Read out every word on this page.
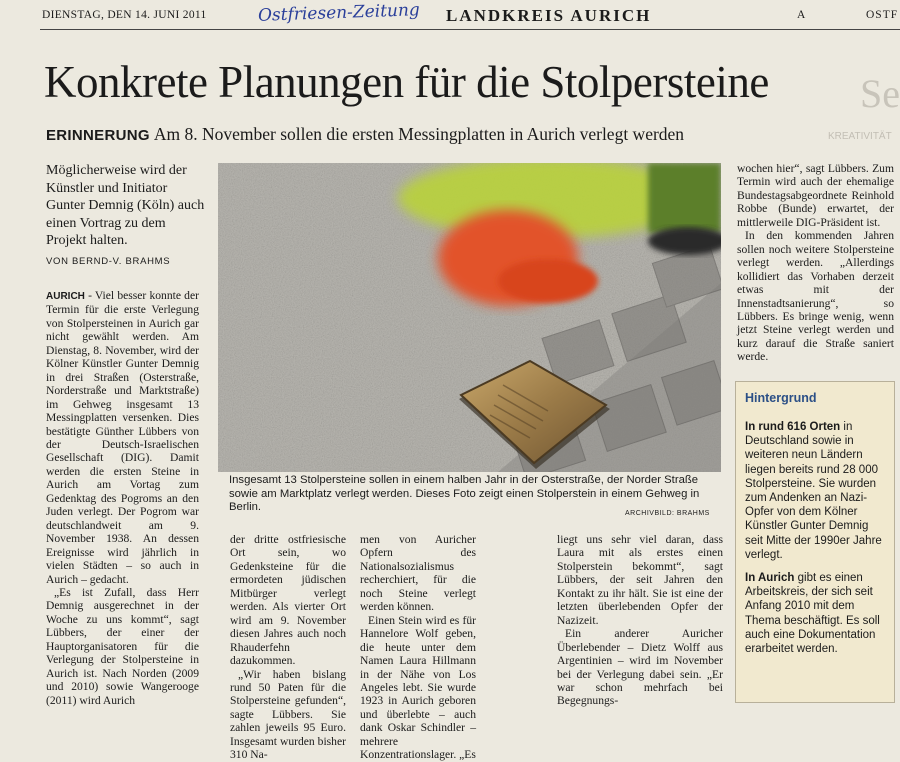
DIENSTAG, DEN 14. JUNI 2011	Ostfriesen-Zeitung LANDKREIS AURICH	A	OSTF
Se
KREATIVITÄT
Konkrete Planungen für die Stolpersteine
ERINNERUNG Am 8. November sollen die ersten Messingplatten in Aurich verlegt werden
Möglicherweise wird der Künstler und Initiator Gunter Demnig (Köln) auch einen Vortrag zu dem Projekt halten.
VON BERND-V. BRAHMS

AURICH - Viel besser konnte der Termin für die erste Verlegung von Stolpersteinen in Aurich gar nicht gewählt werden. Am Dienstag, 8. November, wird der Kölner Künstler Gunter Demnig in drei Straßen (Osterstraße, Norderstraße und Marktstraße) im Gehweg insgesamt 13 Messingplatten versenken. Dies bestätigte Günther Lübbers von der Deutsch-Israelischen Gesellschaft (DIG). Damit werden die ersten Steine in Aurich am Vortag zum Gedenktag des Pogroms an den Juden verlegt. Der Pogrom war deutschlandweit am 9. November 1938. An dessen Ereignisse wird jährlich in vielen Städten – so auch in Aurich – gedacht.

„Es ist Zufall, dass Herr Demnig ausgerechnet in der Woche zu uns kommt“, sagt Lübbers, der einer der Hauptorganisatoren für die Verlegung der Stolpersteine in Aurich ist. Nach Norden (2009 und 2010) sowie Wangerooge (2011) wird Aurich

Insgesamt 13 Stolpersteine sollen in einem halben Jahr in der Osterstraße, der Norder Straße sowie am Marktplatz verlegt werden. Dieses Foto zeigt einen Stolperstein in einem Gehweg in Berlin.
ARCHIVBILD: BRAHMS

der dritte ostfriesische Ort sein, wo Gedenksteine für die ermordeten jüdischen Mitbürger verlegt werden. Als vierter Ort wird am 9. November diesen Jahres auch noch Rhauderfehn dazukommen.

„Wir haben bislang rund 50 Paten für die Stolpersteine gefunden“, sagte Lübbers. Sie zahlen jeweils 95 Euro. Insgesamt wurden bisher 310 Na-

men von Auricher Opfern des Nationalsozialismus recherchiert, für die noch Steine verlegt werden können.

Einen Stein wird es für Hannelore Wolf geben, die heute unter dem Namen Laura Hillmann in der Nähe von Los Angeles lebt. Sie wurde 1923 in Aurich geboren und überlebte – auch dank Oskar Schindler – mehrere Konzentrationslager. „Es

liegt uns sehr viel daran, dass Laura mit als erstes einen Stolperstein bekommt“, sagt Lübbers, der seit Jahren den Kontakt zu ihr hält. Sie ist eine der letzten überlebenden Opfer der Nazizeit.

Ein anderer Auricher Überlebender – Dietz Wolff aus Argentinien – wird im November bei der Verlegung dabei sein. „Er war schon mehrfach bei Begegnungs-

wochen hier“, sagt Lübbers. Zum Termin wird auch der ehemalige Bundestagsabgeordnete Reinhold Robbe (Bunde) erwartet, der mittlerweile DIG-Präsident ist.

In den kommenden Jahren sollen noch weitere Stolpersteine verlegt werden. „Allerdings kollidiert das Vorhaben derzeit etwas mit der Innenstadtsanierung“, so Lübbers. Es bringe wenig, wenn jetzt Steine verlegt werden und kurz darauf die Straße saniert werde.

Hintergrund

In rund 616 Orten in Deutschland sowie in weiteren neun Ländern liegen bereits rund 28 000 Stolpersteine. Sie wurden zum Andenken an Nazi-Opfer von dem Kölner Künstler Gunter Demnig seit Mitte der 1990er Jahre verlegt.

In Aurich gibt es einen Arbeitskreis, der sich seit Anfang 2010 mit dem Thema beschäftigt. Es soll auch eine Dokumentation erarbeitet werden.
